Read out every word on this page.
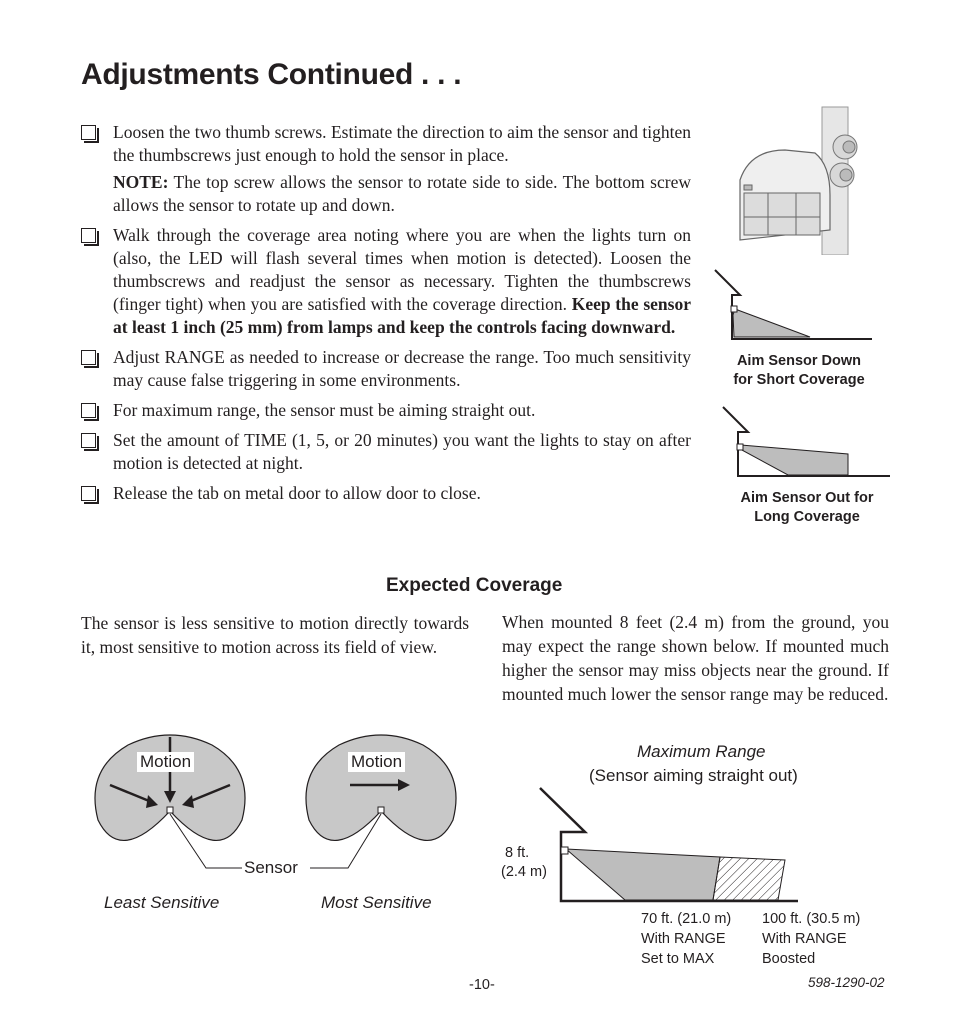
Adjustments Continued . . .
Loosen the two thumb screws. Estimate the direction to aim the sensor and tighten the thumbscrews just enough to hold the sensor in place.
NOTE: The top screw allows the sensor to rotate side to side. The bottom screw allows the sensor to rotate up and down.
Walk through the coverage area noting where you are when the lights turn on (also, the LED will flash several times when motion is detected). Loosen the thumbscrews and readjust the sensor as necessary. Tighten the thumbscrews (finger tight) when you are satisfied with the coverage direction. Keep the sensor at least 1 inch (25 mm) from lamps and keep the controls facing downward.
Adjust RANGE as needed to increase or decrease the range. Too much sensitivity may cause false triggering in some environments.
For maximum range, the sensor must be aiming straight out.
Set the amount of TIME (1, 5, or 20 minutes) you want the lights to stay on after motion is detected at night.
Release the tab on metal door to allow door to close.
Aim Sensor Down
for Short Coverage
Aim Sensor Out for
Long Coverage
Expected Coverage
The sensor is less sensitive to motion directly towards it, most sensitive to motion across its field of view.
When mounted 8 feet (2.4 m) from the ground, you may expect the range shown below. If mounted much higher the sensor may miss objects near the ground. If mounted much lower the sensor range may be reduced.
Motion	Motion
Sensor
Least Sensitive	Most Sensitive
Maximum Range
(Sensor aiming straight out)
8 ft.
(2.4 m)
70 ft. (21.0 m)
With RANGE
Set to MAX
100 ft. (30.5 m)
With RANGE
Boosted
-10-	598-1290-02
